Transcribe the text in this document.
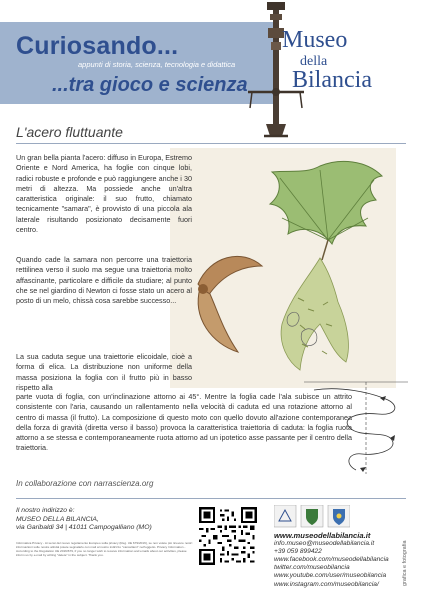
Curiosando...
appunti di storia, scienza, tecnologia e didattica
...tra gioco e scienza
Museo
della
Bilancia
L'acero fluttuante
Un gran bella pianta l'acero: diffuso in Europa, Estremo Oriente e Nord America, ha foglie con cinque lobi, radici robuste e profonde e può raggiungere anche i 30 metri di altezza. Ma possiede anche un'altra caratteristica originale: il suo frutto, chiamato tecnicamente "samara", è provvisto di una piccola ala laterale risultando posizionato decisamente fuori centro.
Quando cade la samara non percorre una traiettoria rettilinea verso il suolo ma segue una traiettoria molto affascinante, particolare e difficile da studiare; al punto che se nel giardino di Newton ci fosse stato un acero al posto di un melo, chissà cosa sarebbe successo...
La sua caduta segue una traiettorie elicoidale, cioè a forma di elica. La distribuzione non uniforme della massa posiziona la foglia con il frutto più in basso rispetto alla
parte vuota di foglia, con un'inclinazione attorno ai 45°. Mentre la foglia cade l'ala subisce un attrito consistente con l'aria, causando un rallentamento nella velocità di caduta ed una rotazione attorno al centro di massa (il frutto). La composizione di questo moto con quello dovuto all'azione contemporanea della forza di gravità (diretta verso il basso) provoca la caratteristica traiettoria di caduta: la foglia ruota attorno a se stessa e contemporaneamente ruota attorno ad un ipotetico asse passante per il centro della traiettoria.
In collaborazione con narrascienza.org
Il nostro indirizzo è:
MUSEO DELLA BILANCIA,
via Garibaldi 34 | 41011 Campogalliano (MO)
Informativa Privacy - Ai sensi del nuovo regolamento Europeo sulla privacy (Reg. UE 679/2016), se non volete più ricevere nostri informazioni sulle nostre attività potete segnalarlo con mail al nostro indirizzo "cancellami" nell'oggetto. Privacy Information - According to the Regulation UE 2016/679, if you no longer wish to receive information and emails about our activities, please inform us by e-mail by writing "delete" in the subject. Thank you.
www.museodellabilancia.it
info.museo@museodellabilancia.it
+39 059 899422
www.facebook.com/museodellabilancia
twitter.com/museobilancia
www.youtube.com/user/museobilancia
www.instagram.com/museobilancia/	grafica e fotografia
